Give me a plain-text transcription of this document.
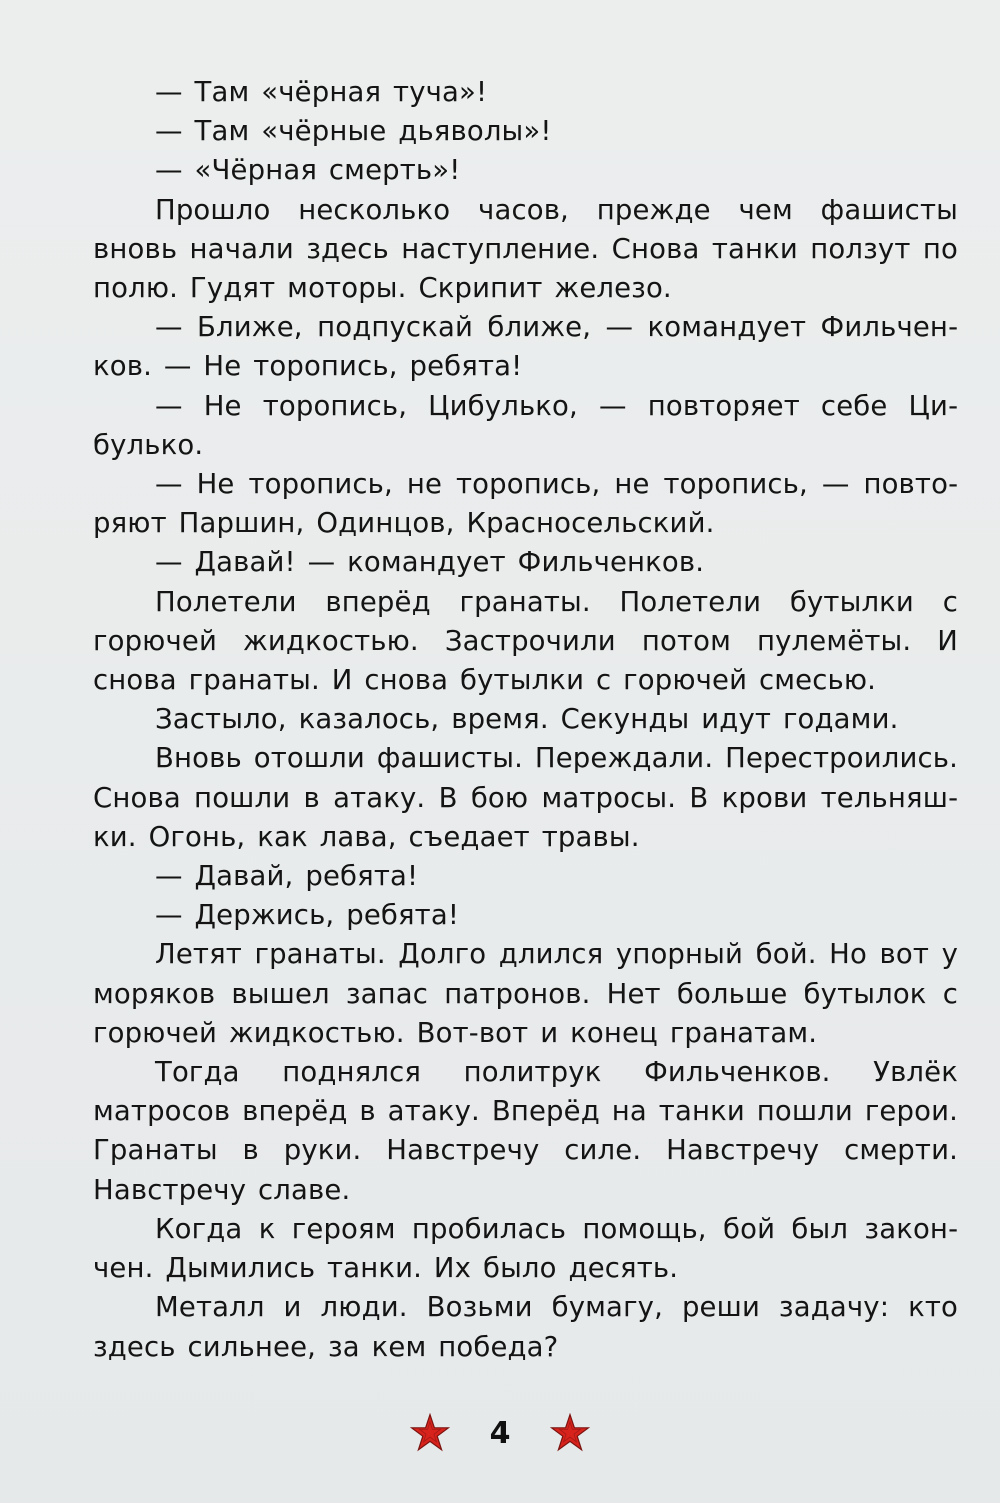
— Там «чёрная туча»!

— Там «чёрные дьяволы»!

— «Чёрная смерть»!

Прошло несколько часов, прежде чем фашисты вновь начали здесь наступление. Снова танки ползут по полю. Гудят моторы. Скрипит железо.

— Ближе, подпускай ближе, — командует Фильченков. — Не торопись, ребята!

— Не торопись, Цибулько, — повторяет себе Цибулько.

— Не торопись, не торопись, не торопись, — повторяют Паршин, Одинцов, Красносельский.

— Давай! — командует Фильченков.

Полетели вперёд гранаты. Полетели бутылки с горючей жидкостью. Застрочили потом пулемёты. И снова гранаты. И снова бутылки с горючей смесью.

Застыло, казалось, время. Секунды идут годами.

Вновь отошли фашисты. Переждали. Перестроились. Снова пошли в атаку. В бою матросы. В крови тельняшки. Огонь, как лава, съедает травы.

— Давай, ребята!

— Держись, ребята!

Летят гранаты. Долго длился упорный бой. Но вот у моряков вышел запас патронов. Нет больше бутылок с горючей жидкостью. Вот-вот и конец гранатам.

Тогда поднялся политрук Фильченков. Увлёк матросов вперёд в атаку. Вперёд на танки пошли герои. Гранаты в руки. Навстречу силе. Навстречу смерти. Навстречу славе.

Когда к героям пробилась помощь, бой был закончен. Дымились танки. Их было десять.

Металл и люди. Возьми бумагу, реши задачу: кто здесь сильнее, за кем победа?

4
